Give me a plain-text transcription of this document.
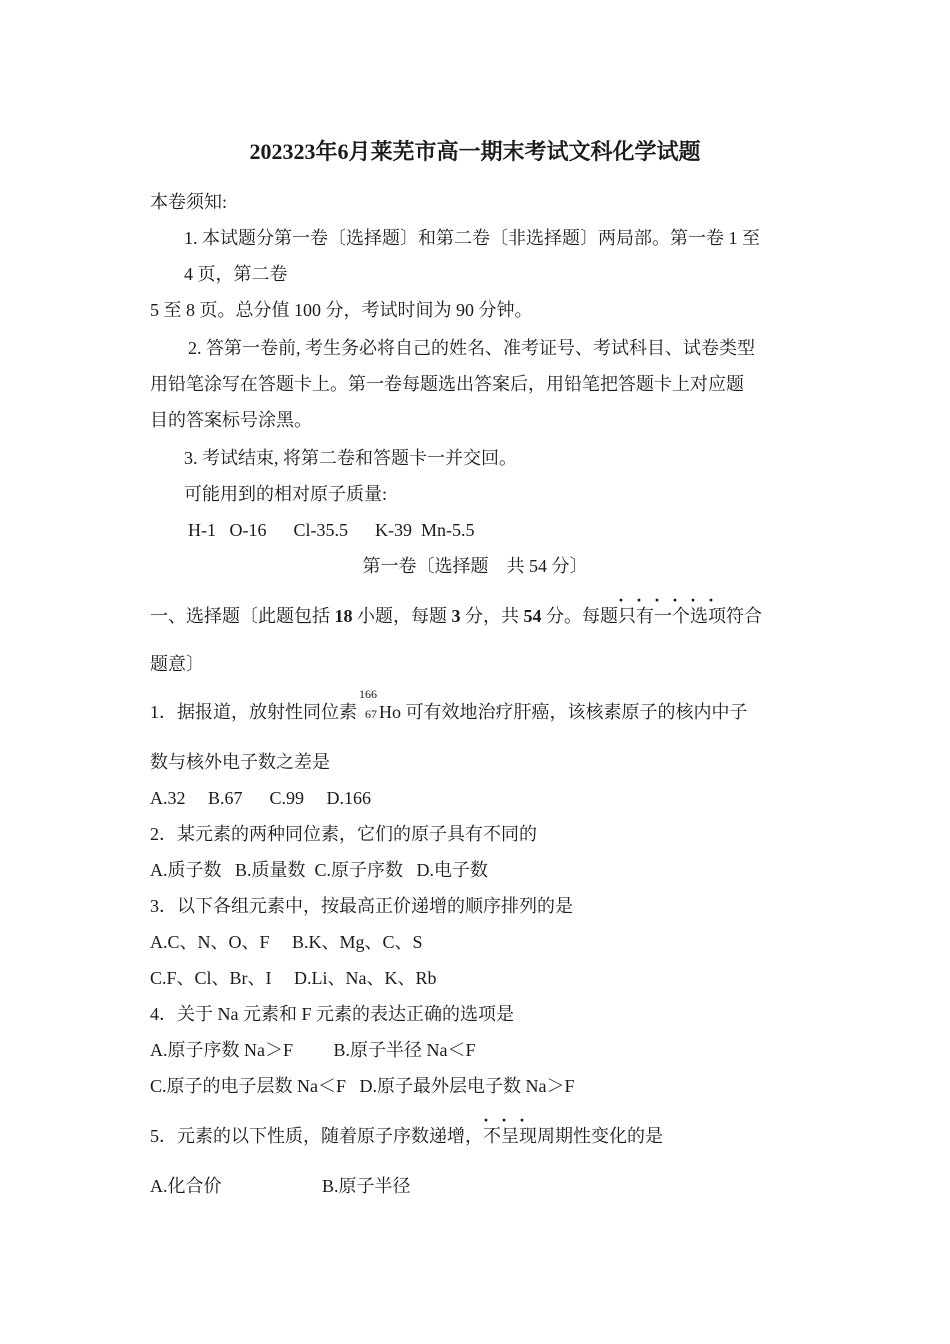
202323年6月莱芜市高一期末考试文科化学试题
本卷须知:
1. 本试题分第一卷〔选择题〕和第二卷〔非选择题〕两局部。第一卷 1 至
4 页，第二卷
5 至 8 页。总分值 100 分，考试时间为 90 分钟。
2. 答第一卷前, 考生务必将自己的姓名、准考证号、考试科目、试卷类型
用铅笔涂写在答题卡上。第一卷每题选出答案后，用铅笔把答题卡上对应题
目的答案标号涂黑。
3. 考试结束, 将第二卷和答题卡一并交回。
可能用到的相对原子质量:
H-1   O-16      Cl-35.5      K-39  Mn-5.5
第一卷〔选择题    共 54 分〕
一、选择题〔此题包括 18 小题，每题 3 分，共 54 分。每题· · 只有一个选项符合
题意〕
1．据报道，放射性同位素
166
67 Ho 可有效地治疗肝癌，该核素原子的核内中子
数与核外电子数之差是
A.32     B.67      C.99     D.166
2．某元素的两种同位素，它们的原子具有不同的
A.质子数   B.质量数  C.原子序数   D.电子数
3．以下各组元素中，按最高正价递增的顺序排列的是
A.C、N、O、F     B.K、Mg、C、S
C.F、Cl、Br、I     D.Li、Na、K、Rb
4．关于 Na 元素和 F 元素的表达正确的选项是
A.原子序数 Na＞F         B.原子半径 Na＜F
C.原子的电子层数 Na＜F   D.原子最外层电子数 Na＞F
5．元素的以下性质，随着原子序数递增，· · · 不呈现周期性变化的是
A.化合价	B.原子半径
